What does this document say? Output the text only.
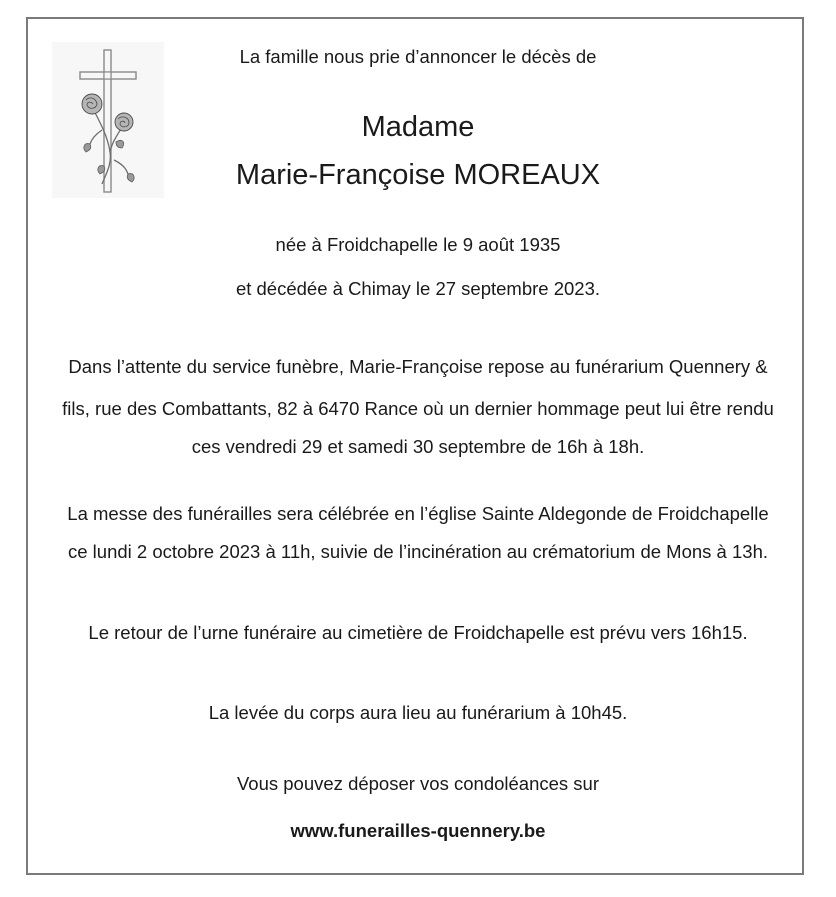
La famille nous prie d’annoncer le décès de
Madame
Marie-Françoise MOREAUX
née à Froidchapelle le 9 août 1935
et décédée à Chimay le 27 septembre 2023.
Dans l’attente du service funèbre, Marie-Françoise repose au funérarium Quennery &
fils, rue des Combattants, 82 à 6470 Rance où un dernier hommage peut lui être rendu
ces vendredi 29 et samedi 30 septembre de 16h à 18h.
La messe des funérailles sera célébrée en l’église Sainte Aldegonde de Froidchapelle
ce lundi 2 octobre 2023 à 11h, suivie de l’incinération au crématorium de Mons à 13h.
Le retour de l’urne funéraire au cimetière de Froidchapelle est prévu vers 16h15.
La levée du corps aura lieu au funérarium à 10h45.
Vous pouvez déposer vos condoléances sur
www.funerailles-quennery.be
